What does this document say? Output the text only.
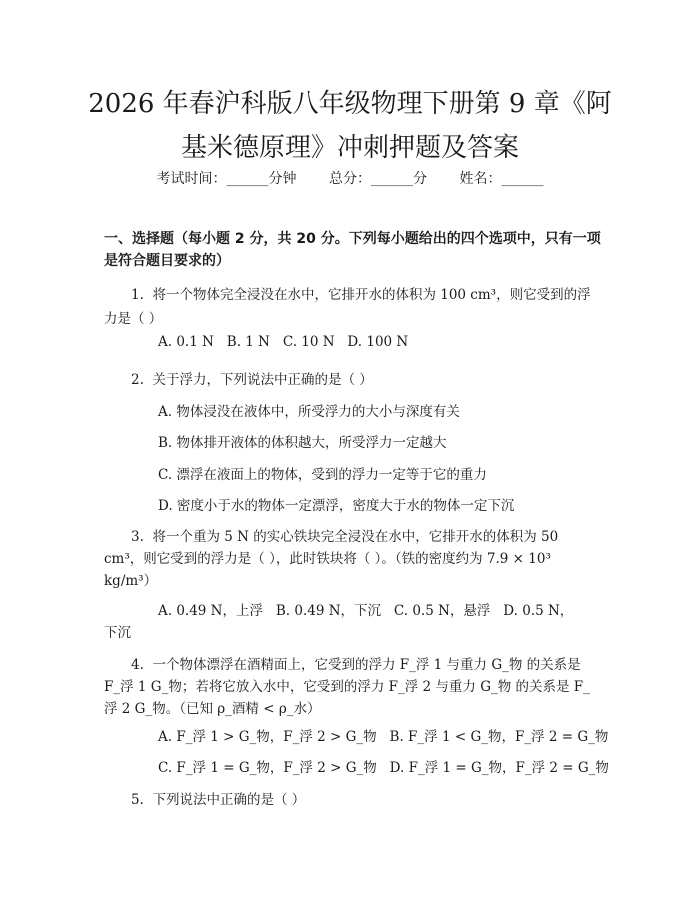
2026 年春沪科版八年级物理下册第 9 章《阿
基米德原理》冲刺押题及答案
考试时间：______分钟 总分：______分 姓名：______
一、选择题（每小题 2 分，共 20 分。下列每小题给出的四个选项中，只有一项是符合题目要求的）
1.  将一个物体完全浸没在水中，它排开水的体积为 100 cm³，则它受到的浮
力是（ ）
A. 0.1 N   B. 1 N   C. 10 N   D. 100 N
2.  关于浮力，下列说法中正确的是（ ）
A. 物体浸没在液体中，所受浮力的大小与深度有关
B. 物体排开液体的体积越大，所受浮力一定越大
C. 漂浮在液面上的物体，受到的浮力一定等于它的重力
D. 密度小于水的物体一定漂浮，密度大于水的物体一定下沉
3.  将一个重为 5 N 的实心铁块完全浸没在水中，它排开水的体积为 50
cm³，则它受到的浮力是（ ），此时铁块将（ ）。（铁的密度约为 7.9 × 10³
kg/m³）
A. 0.49 N，上浮   B. 0.49 N，下沉   C. 0.5 N，悬浮   D. 0.5 N，
下沉
4.  一个物体漂浮在酒精面上，它受到的浮力 F_浮 1 与重力 G_物 的关系是
F_浮 1 G_物；若将它放入水中，它受到的浮力 F_浮 2 与重力 G_物 的关系是 F_
浮 2 G_物。（已知 ρ_酒精 < ρ_水）
A. F_浮 1 > G_物，F_浮 2 > G_物   B. F_浮 1 < G_物，F_浮 2 = G_物
C. F_浮 1 = G_物，F_浮 2 > G_物   D. F_浮 1 = G_物，F_浮 2 = G_物
5.  下列说法中正确的是（ ）
